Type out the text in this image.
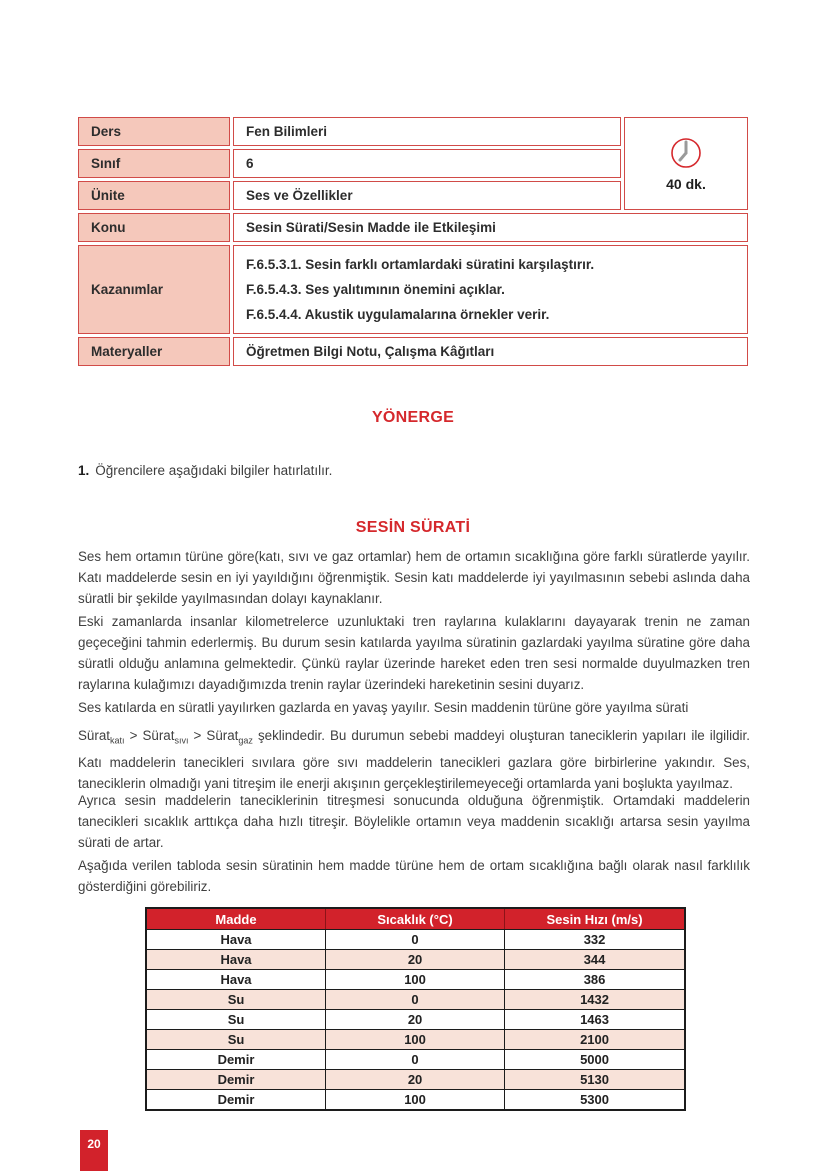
Ders	Fen Bilimleri
40 dk.
Sınıf	6
Ünite	Ses ve Özellikler
Konu	Sesin Sürati/Sesin Madde ile Etkileşimi
Kazanımlar
F.6.5.3.1. Sesin farklı ortamlardaki süratini karşılaştırır.
F.6.5.4.3. Ses yalıtımının önemini açıklar.
F.6.5.4.4. Akustik uygulamalarına örnekler verir.
Materyaller	Öğretmen Bilgi Notu, Çalışma Kâğıtları
YÖNERGE
1. Öğrencilere aşağıdaki bilgiler hatırlatılır.
SESİN SÜRATİ
Ses hem ortamın türüne göre(katı, sıvı ve gaz ortamlar) hem de ortamın sıcaklığına göre farklı süratlerde yayılır. Katı maddelerde sesin en iyi yayıldığını öğrenmiştik. Sesin katı maddelerde iyi yayılmasının sebebi aslında daha süratli bir şekilde yayılmasından dolayı kaynaklanır.
Eski zamanlarda insanlar kilometrelerce uzunluktaki tren raylarına kulaklarını dayayarak trenin ne zaman geçeceğini tahmin ederlermiş. Bu durum sesin katılarda yayılma süratinin gazlardaki yayılma süratine göre daha süratli olduğu anlamına gelmektedir. Çünkü raylar üzerinde hareket eden tren sesi normalde duyulmazken tren raylarına kulağımızı dayadığımızda trenin raylar üzerindeki hareketinin sesini duyarız.
Ses katılarda en süratli yayılırken gazlarda en yavaş yayılır. Sesin maddenin türüne göre yayılma sürati
Sürat$_{katı}$ > Sürat$_{sıvı}$ > Sürat$_{gaz}$ şeklindedir. Bu durumun sebebi maddeyi oluşturan taneciklerin yapıları ile ilgilidir. Katı maddelerin tanecikleri sıvılara göre sıvı maddelerin tanecikleri gazlara göre birbirlerine yakındır. Ses, taneciklerin olmadığı yani titreşim ile enerji akışının gerçekleştirilemeyeceği ortamlarda yani boşlukta yayılmaz.
Ayrıca sesin maddelerin taneciklerinin titreşmesi sonucunda olduğuna öğrenmiştik. Ortamdaki maddelerin tanecikleri sıcaklık arttıkça daha hızlı titreşir. Böylelikle ortamın veya maddenin sıcaklığı artarsa sesin yayılma sürati de artar.
Aşağıda verilen tabloda sesin süratinin hem madde türüne hem de ortam sıcaklığına bağlı olarak nasıl farklılık gösterdiğini görebiliriz.
Madde	Sıcaklık (°C)	Sesin Hızı (m/s)
Hava	0	332
Hava	20	344
Hava	100	386
Su	0	1432
Su	20	1463
Su	100	2100
Demir	0	5000
Demir	20	5130
Demir	100	5300
20
